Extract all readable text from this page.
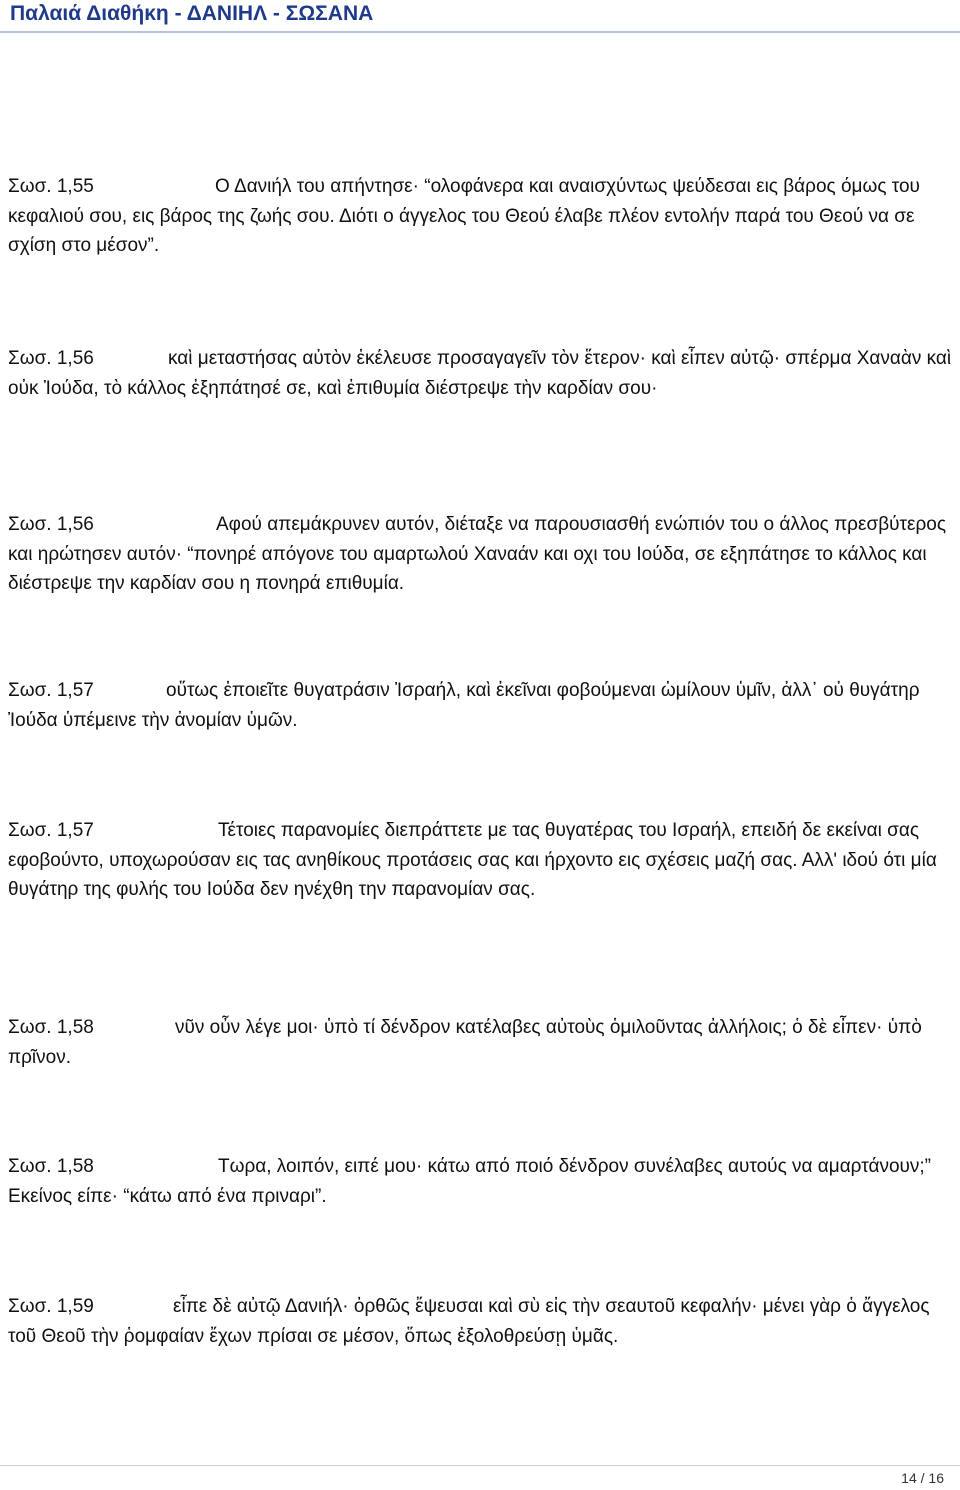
Παλαιά Διαθήκη - ΔΑΝΙΗΛ - ΣΩΣΑΝΑ
Σωσ. 1,55	Ο Δανιήλ του απήντησε· “ολοφάνερα και αναισχύντως ψεύδεσαι εις βάρος όμως του κεφαλιού σου, εις βάρος της ζωής σου. Διότι ο άγγελος του Θεού έλαβε πλέον εντολήν παρά του Θεού να σε σχίση στο μέσον”.
Σωσ. 1,56	καὶ μεταστήσας αὐτὸν ἐκέλευσε προσαγαγεῖν τὸν ἕτερον· καὶ εἶπεν αὐτῷ· σπέρμα Χαναὰν καὶ οὐκ Ἰούδα, τὸ κάλλος ἐξηπάτησέ σε, καὶ ἐπιθυμία διέστρεψε τὴν καρδίαν σου·
Σωσ. 1,56	Αφού απεμάκρυνεν αυτόν, διέταξε να παρουσιασθή ενώπιόν του ο άλλος πρεσβύτερος και ηρώτησεν αυτόν· “πονηρέ απόγονε του αμαρτωλού Χαναάν και οχι του Ιούδα, σε εξηπάτησε το κάλλος και διέστρεψε την καρδίαν σου η πονηρά επιθυμία.
Σωσ. 1,57	οὕτως ἐποιεῖτε θυγατράσιν Ἰσραήλ, καὶ ἐκεῖναι φοβούμεναι ὡμίλουν ὑμῖν, ἀλλ᾿ οὐ θυγάτηρ Ἰούδα ὑπέμεινε τὴν ἀνομίαν ὑμῶν.
Σωσ. 1,57	Τέτοιες παρανομίες διεπράττετε με τας θυγατέρας του Ισραήλ, επειδή δε εκείναι σας εφοβούντο, υποχωρούσαν εις τας ανηθίκους προτάσεις σας και ήρχοντο εις σχέσεις μαζή σας. Αλλ' ιδού ότι μία θυγάτηρ της φυλής του Ιούδα δεν ηνέχθη την παρανομίαν σας.
Σωσ. 1,58	νῦν οὖν λέγε μοι· ὑπὸ τί δένδρον κατέλαβες αὐτοὺς ὁμιλοῦντας ἀλλήλοις; ὁ δὲ εἶπεν· ὑπὸ πρῖνον.
Σωσ. 1,58	Τωρα, λοιπόν, ειπέ μου· κάτω από ποιό δένδρον συνέλαβες αυτούς να αμαρτάνουν;” Εκείνος είπε· “κάτω από ένα πριναρι”.
Σωσ. 1,59	εἶπε δὲ αὐτῷ Δανιήλ· ὀρθῶς ἔψευσαι καὶ σὺ εἰς τὴν σεαυτοῦ κεφαλήν· μένει γὰρ ὁ ἄγγελος τοῦ Θεοῦ τὴν ῥομφαίαν ἔχων πρίσαι σε μέσον, ὅπως ἐξολοθρεύσῃ ὑμᾶς.
14 / 16
